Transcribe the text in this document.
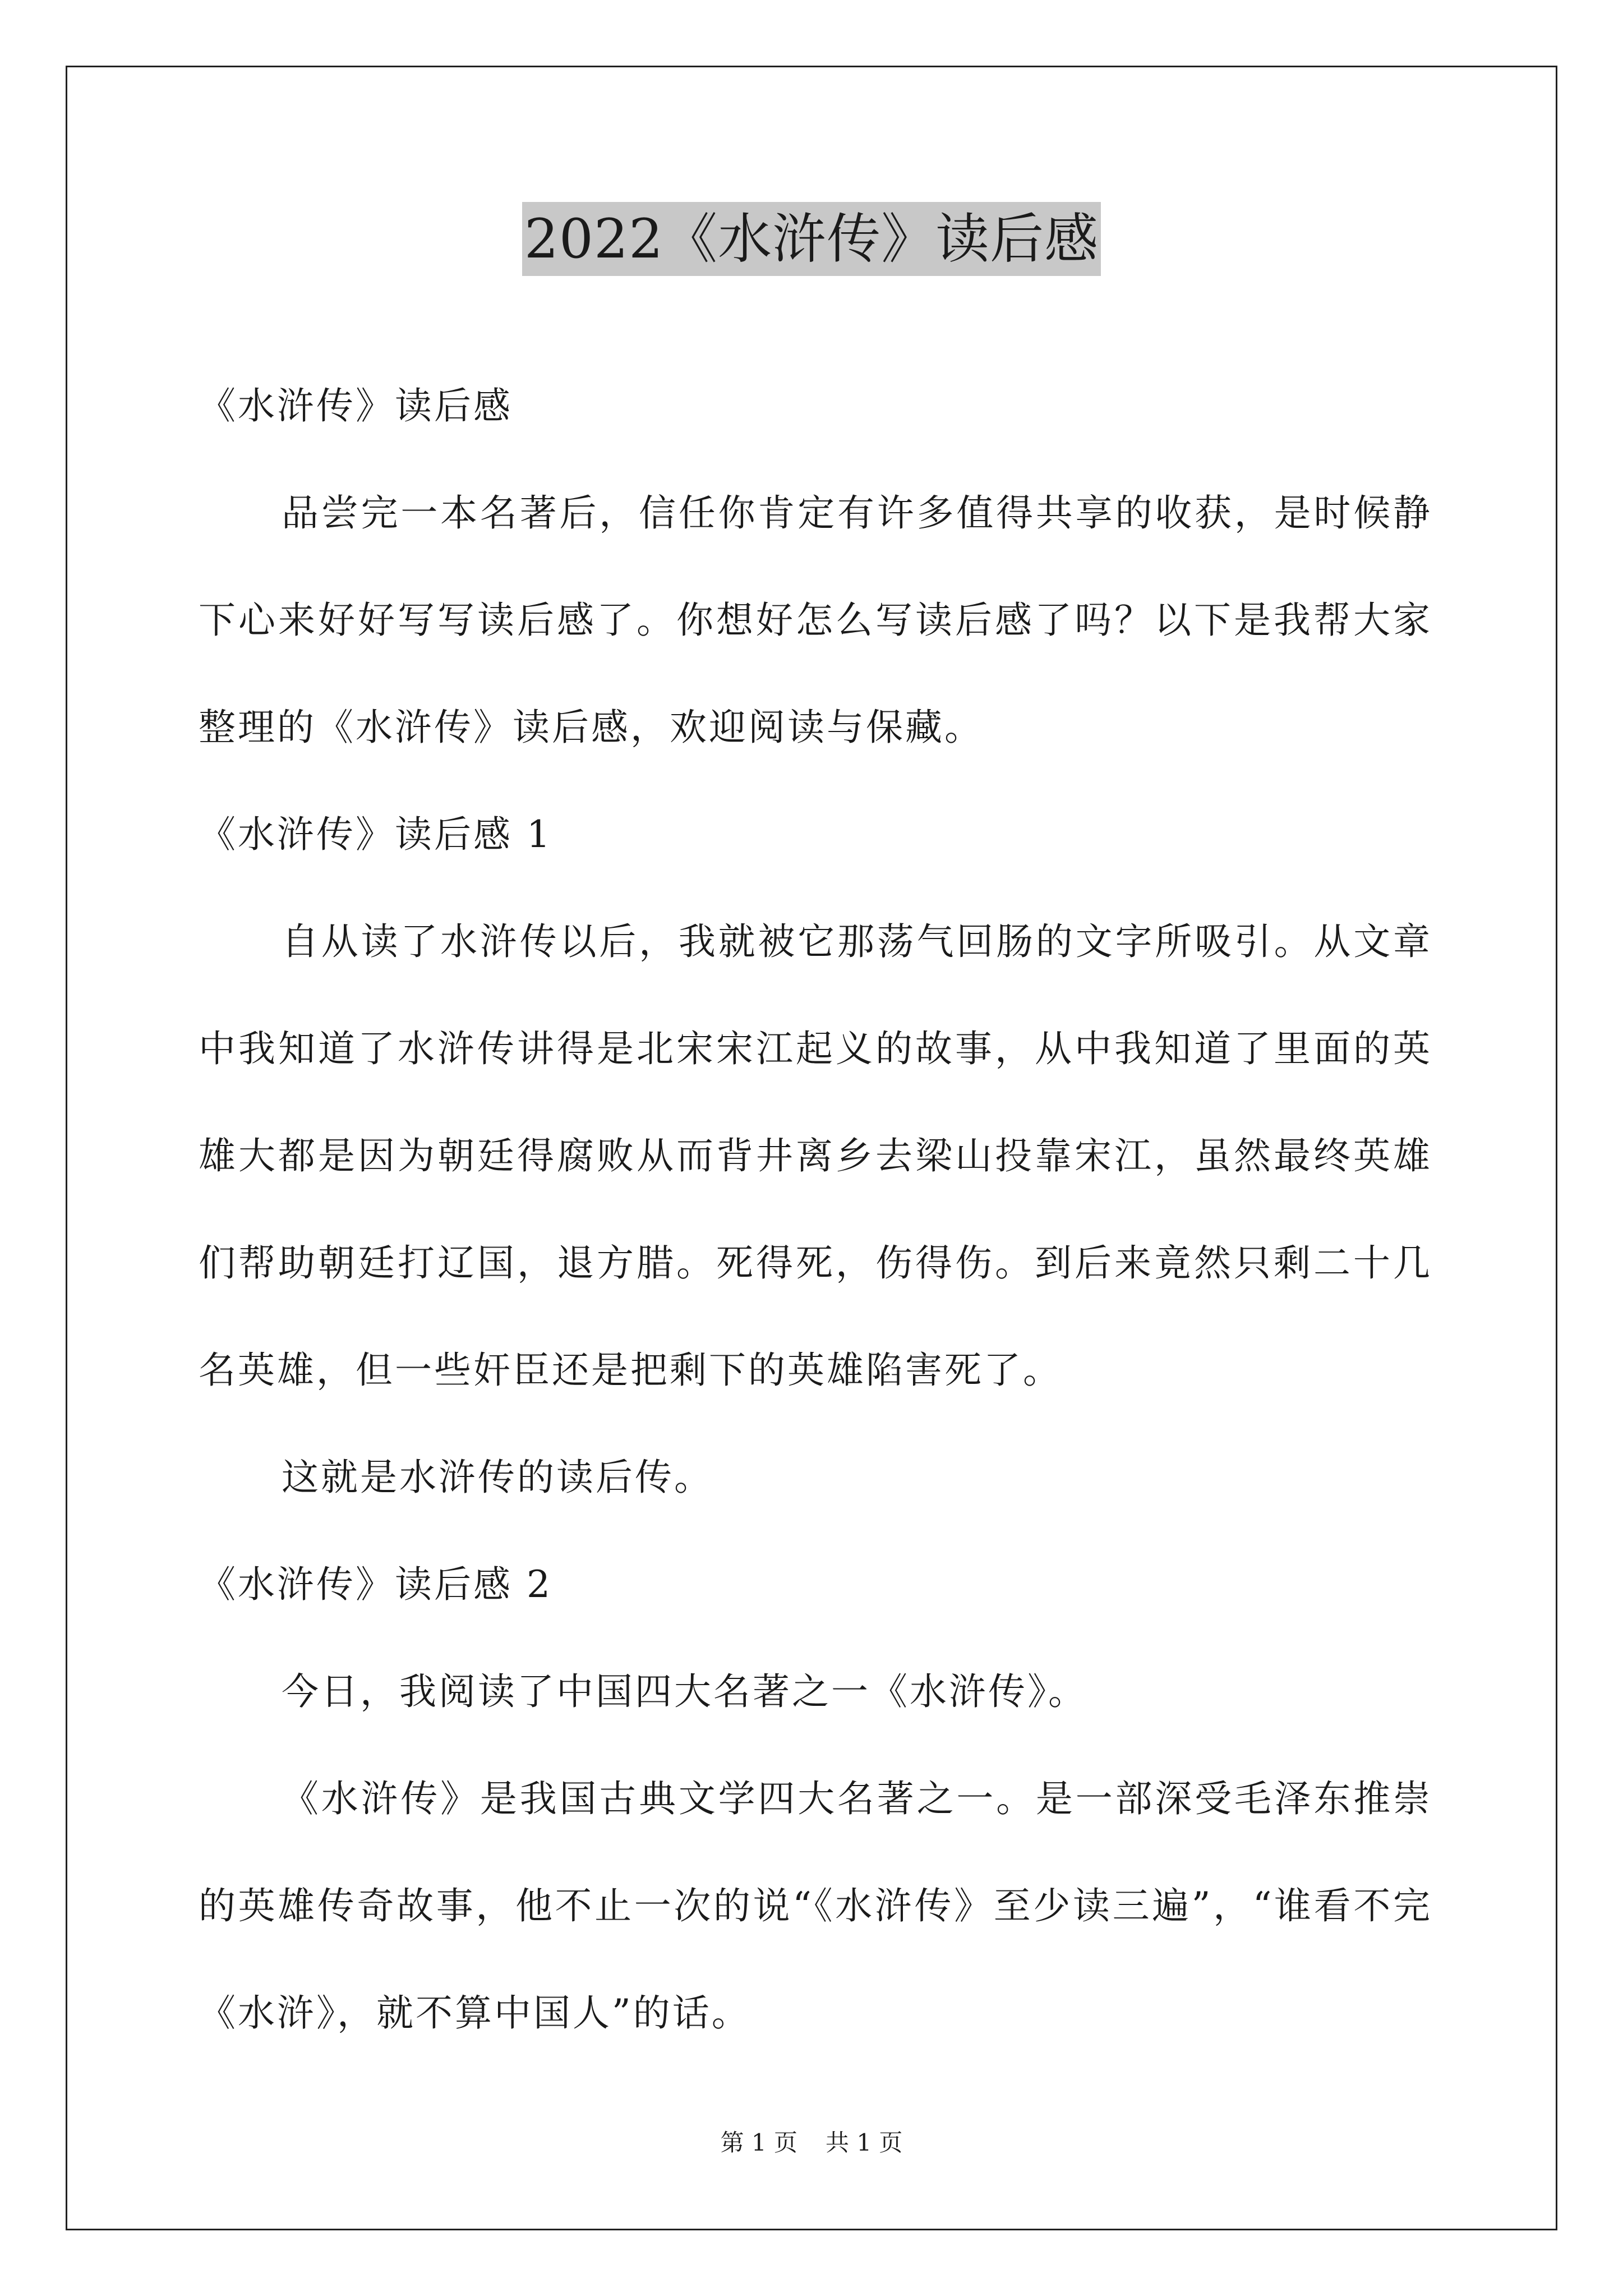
2022《水浒传》读后感

《水浒传》读后感

品尝完一本名著后，信任你肯定有许多值得共享的收获，是时候静下心来好好写写读后感了。你想好怎么写读后感了吗？以下是我帮大家整理的《水浒传》读后感，欢迎阅读与保藏。

《水浒传》读后感 1

自从读了水浒传以后，我就被它那荡气回肠的文字所吸引。从文章中我知道了水浒传讲得是北宋宋江起义的故事，从中我知道了里面的英雄大都是因为朝廷得腐败从而背井离乡去梁山投靠宋江，虽然最终英雄们帮助朝廷打辽国，退方腊。死得死，伤得伤。到后来竟然只剩二十几名英雄，但一些奸臣还是把剩下的英雄陷害死了。

这就是水浒传的读后传。

《水浒传》读后感 2

今日，我阅读了中国四大名著之一《水浒传》。

《水浒传》是我国古典文学四大名著之一。是一部深受毛泽东推崇的英雄传奇故事，他不止一次的说“《水浒传》至少读三遍”，“谁看不完《水浒》，就不算中国人”的话。

第 1 页 共 1 页
